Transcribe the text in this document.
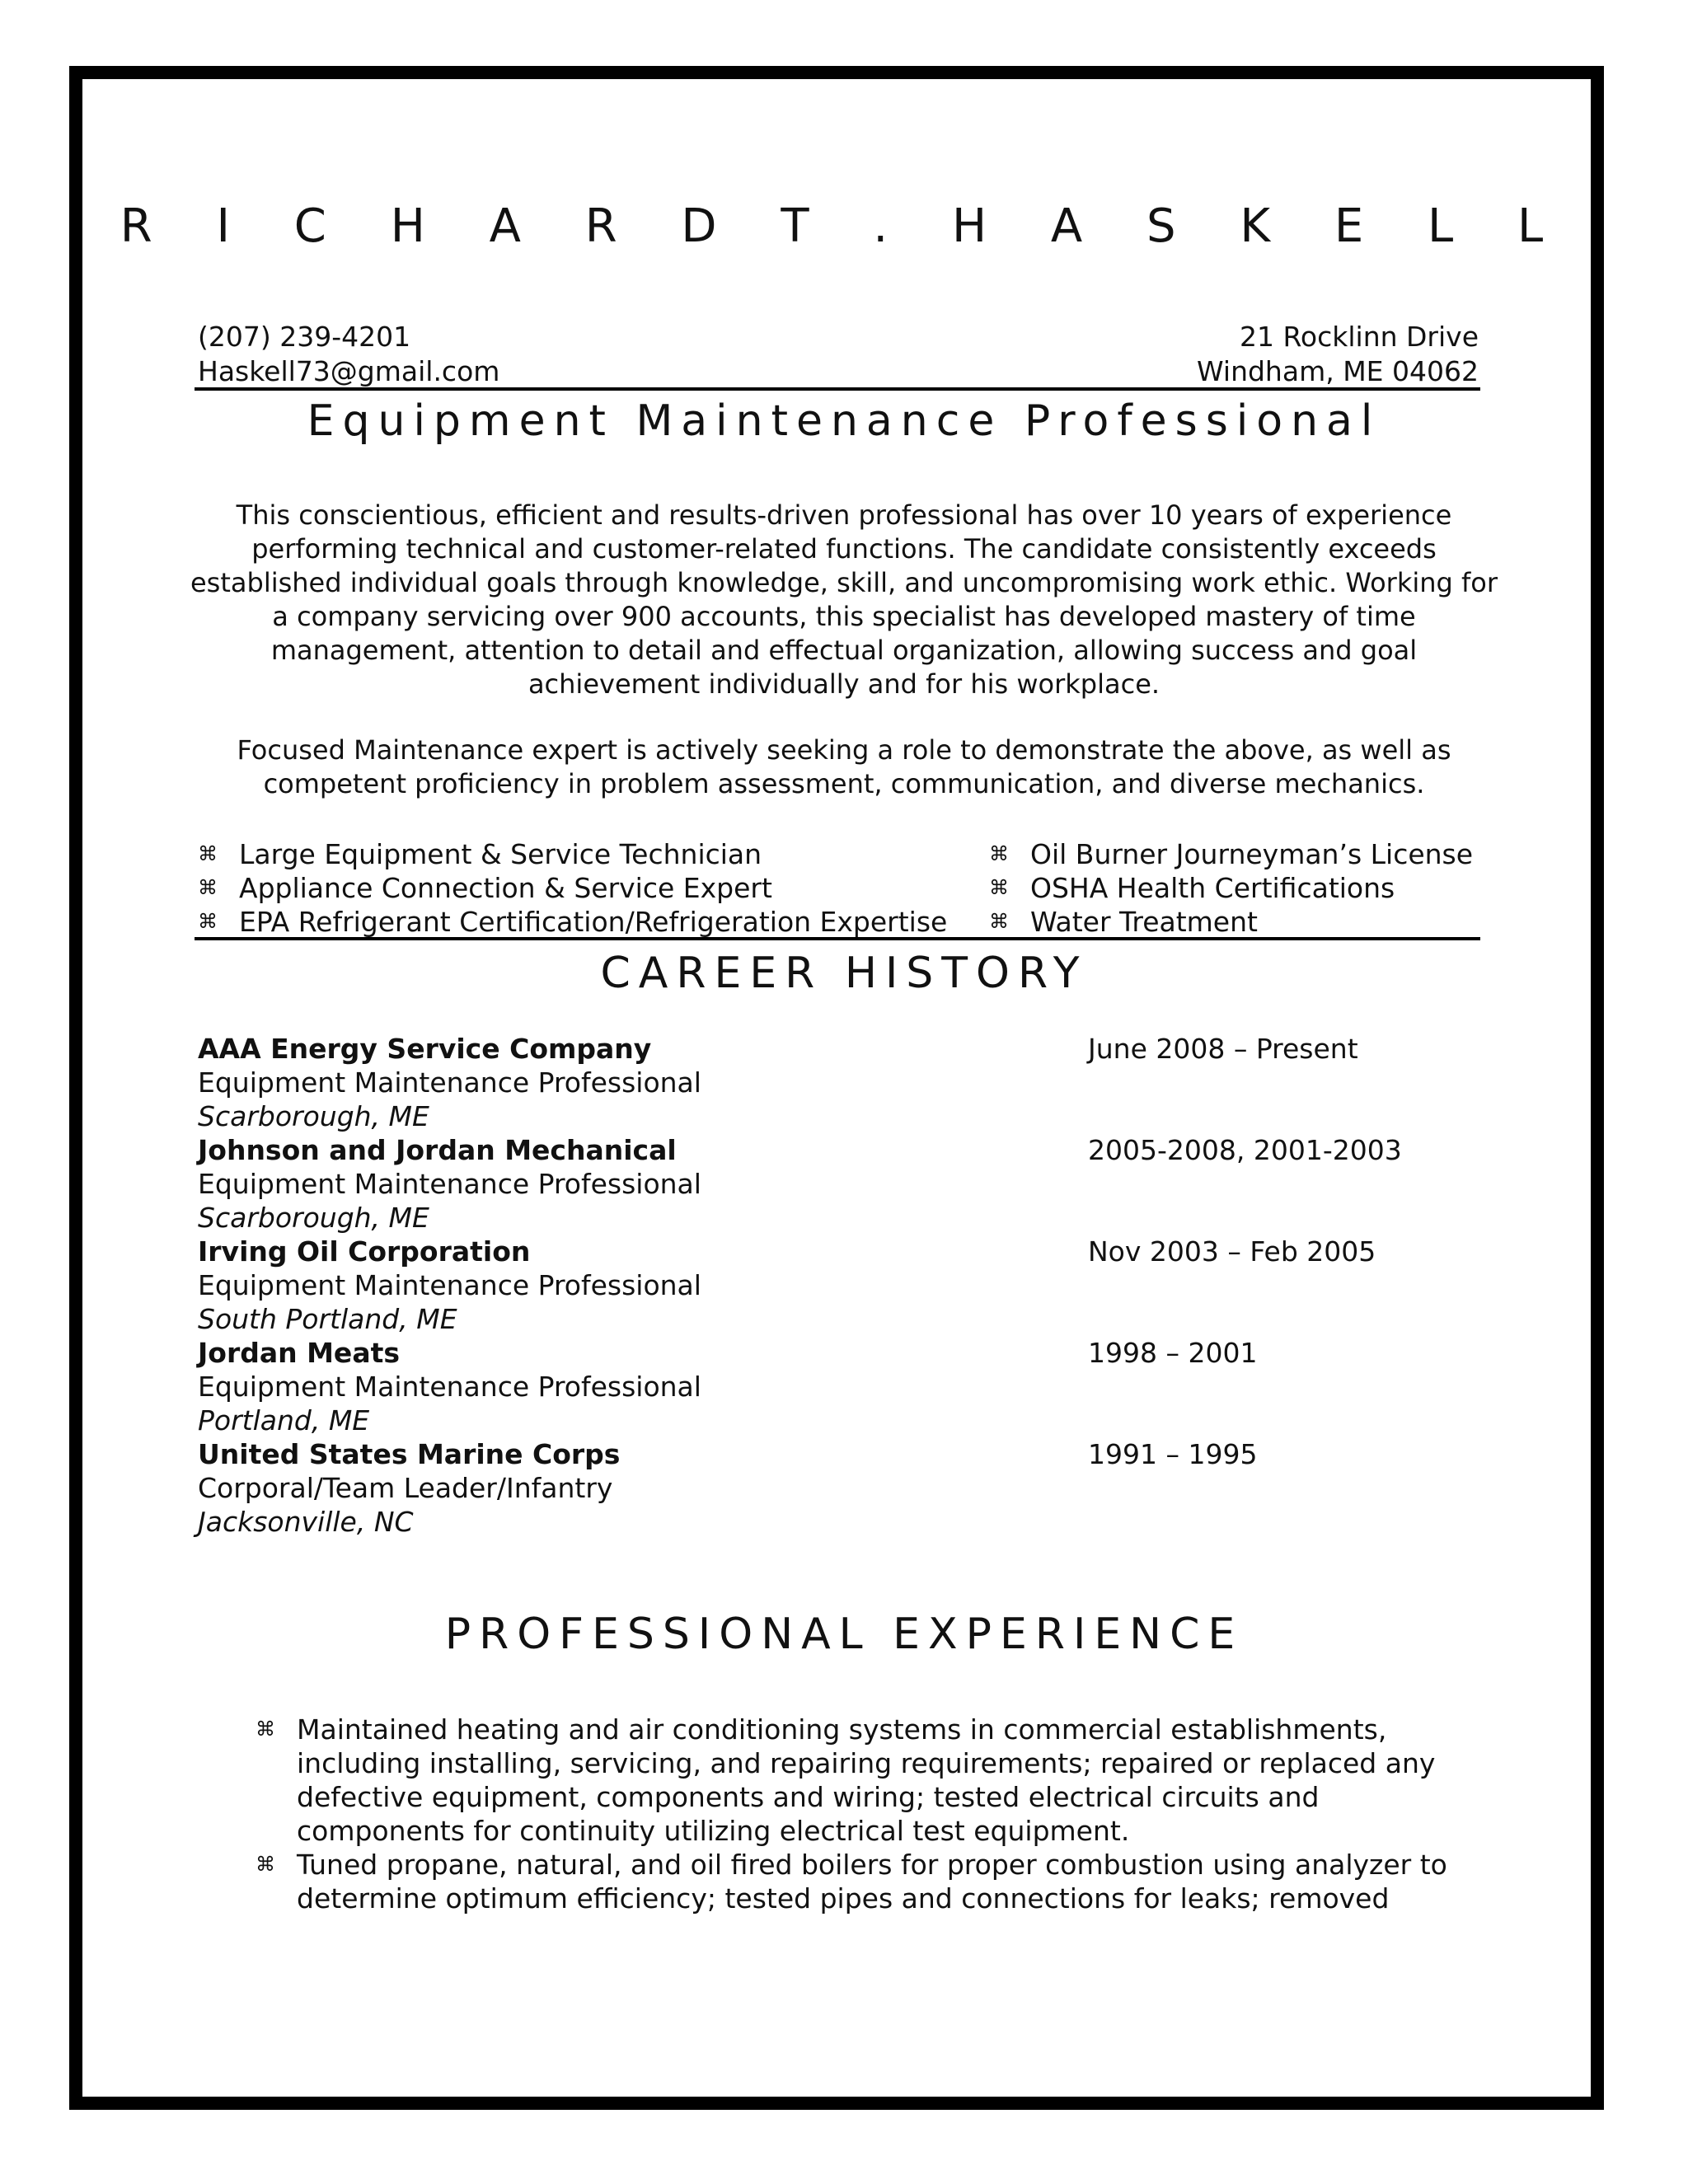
R I C H A R D T . H A S K E L L
(207) 239-4201
Haskell73@gmail.com
21 Rocklinn Drive
Windham, ME 04062
Equipment Maintenance Professional

This conscientious, efficient and results-driven professional has over 10 years of experience performing technical and customer-related functions. The candidate consistently exceeds established individual goals through knowledge, skill, and uncompromising work ethic. Working for a company servicing over 900 accounts, this specialist has developed mastery of time management, attention to detail and effectual organization, allowing success and goal achievement individually and for his workplace.

Focused Maintenance expert is actively seeking a role to demonstrate the above, as well as competent proficiency in problem assessment, communication, and diverse mechanics.

⌘ Large Equipment & Service Technician
⌘ Appliance Connection & Service Expert
⌘ EPA Refrigerant Certification/Refrigeration Expertise
⌘ Oil Burner Journeyman’s License
⌘ OSHA Health Certifications
⌘ Water Treatment
CAREER HISTORY
AAA Energy Service Company
Equipment Maintenance Professional
Scarborough, ME
June 2008 – Present
Johnson and Jordan Mechanical
Equipment Maintenance Professional
Scarborough, ME
2005-2008, 2001-2003
Irving Oil Corporation
Equipment Maintenance Professional
South Portland, ME
Nov 2003 – Feb 2005
Jordan Meats
Equipment Maintenance Professional
Portland, ME
1998 – 2001
United States Marine Corps
Corporal/Team Leader/Infantry
Jacksonville, NC
1991 – 1995
PROFESSIONAL EXPERIENCE
⌘ Maintained heating and air conditioning systems in commercial establishments, including installing, servicing, and repairing requirements; repaired or replaced any defective equipment, components and wiring; tested electrical circuits and components for continuity utilizing electrical test equipment.
⌘ Tuned propane, natural, and oil fired boilers for proper combustion using analyzer to determine optimum efficiency; tested pipes and connections for leaks; removed
